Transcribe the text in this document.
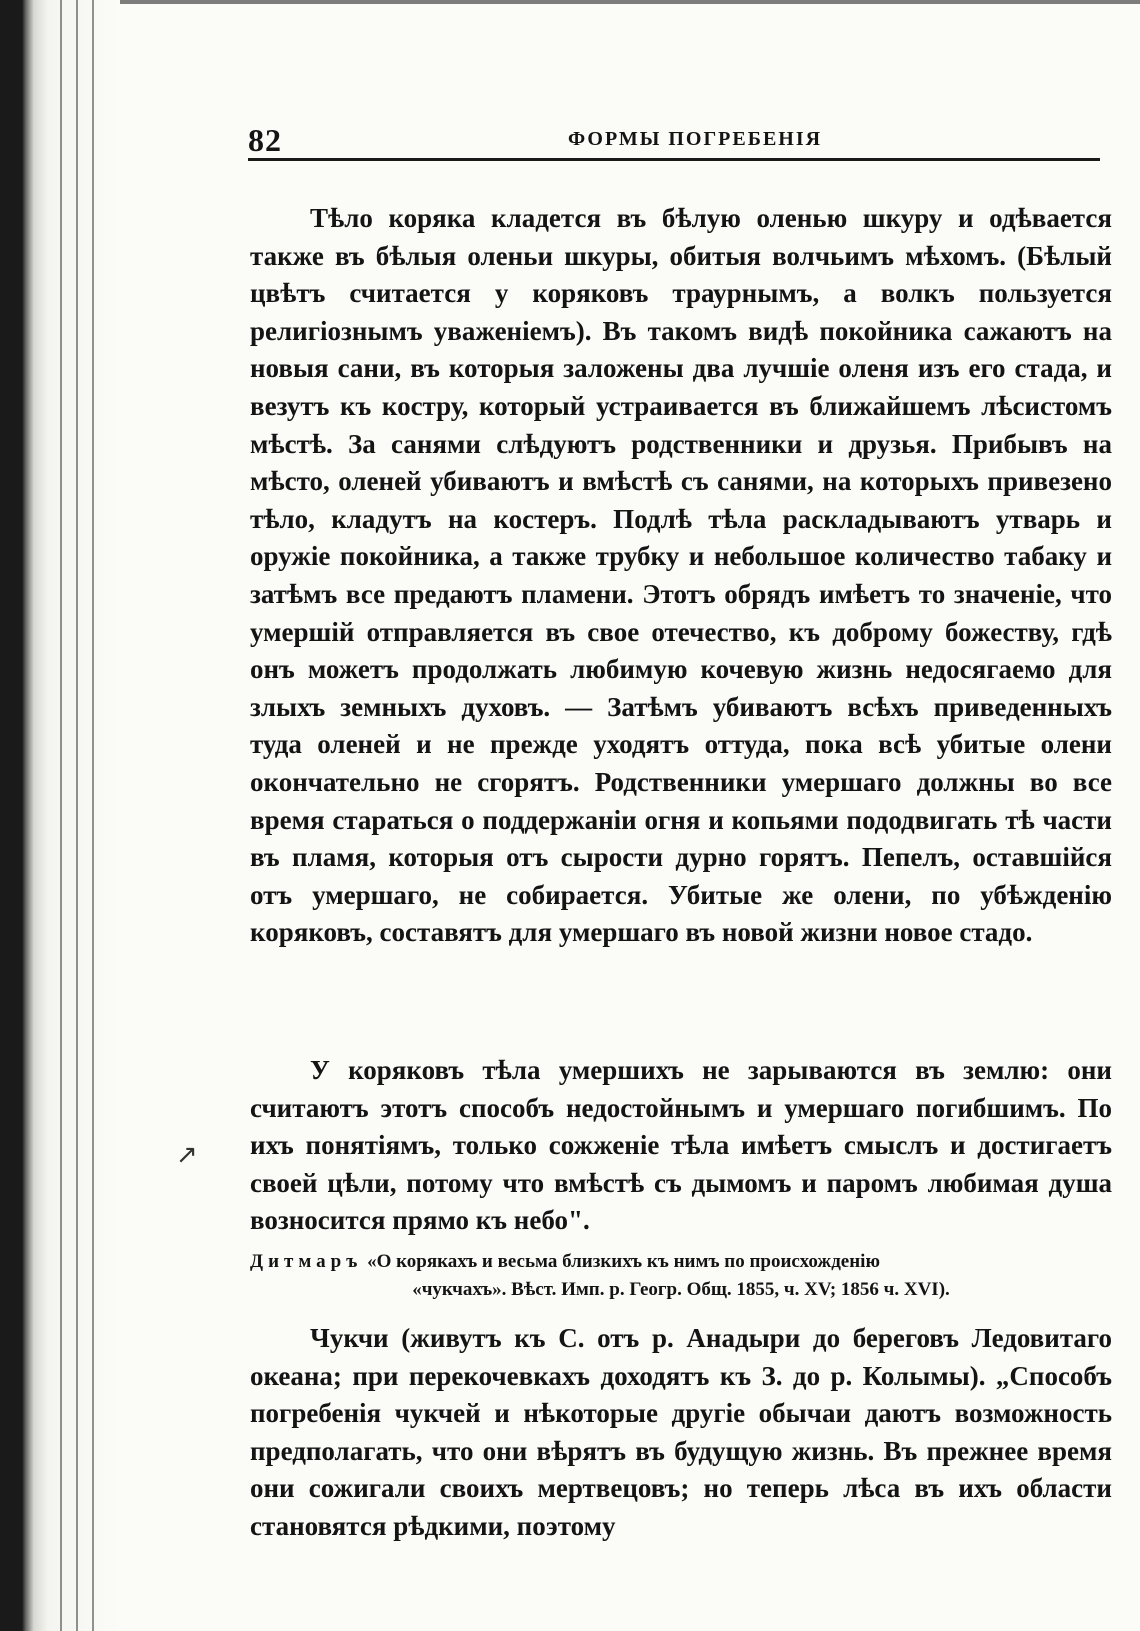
82	ФОРМЫ ПОГРЕБЕНІЯ

Тѣло коряка кладется въ бѣлую оленью шкуру и одѣвается также въ бѣлыя оленьи шкуры, обитыя волчьимъ мѣхомъ. (Бѣлый цвѣтъ считается у коряковъ траурнымъ, а волкъ пользуется религіознымъ уваженіемъ). Въ такомъ видѣ покойника сажаютъ на новыя сани, въ которыя заложены два лучшіе оленя изъ его стада, и везутъ къ костру, который устраивается въ ближайшемъ лѣсистомъ мѣстѣ. За санями слѣдуютъ родственники и друзья. Прибывъ на мѣсто, оленей убиваютъ и вмѣстѣ съ санями, на которыхъ привезено тѣло, кладутъ на костеръ. Подлѣ тѣла раскладываютъ утварь и оружіе покойника, а также трубку и небольшое количество табаку и затѣмъ все предаютъ пламени. Этотъ обрядъ имѣетъ то значеніе, что умершій отправляется въ свое отечество, къ доброму божеству, гдѣ онъ можетъ продолжать любимую кочевую жизнь недосягаемо для злыхъ земныхъ духовъ. — Затѣмъ убиваютъ всѣхъ приведенныхъ туда оленей и не прежде уходятъ оттуда, пока всѣ убитые олени окончательно не сгорятъ. Родственники умершаго должны во все время стараться о поддержаніи огня и копьями пододвигать тѣ части въ пламя, которыя отъ сырости дурно горятъ. Пепелъ, оставшійся отъ умершаго, не собирается. Убитые же олени, по убѣжденію коряковъ, составятъ для умершаго въ новой жизни новое стадо.

У коряковъ тѣла умершихъ не зарываются въ землю: они считаютъ этотъ способъ недостойнымъ и умершаго погибшимъ. По ихъ понятіямъ, только сожженіе тѣла имѣетъ смыслъ и достигаетъ своей цѣли, потому что вмѣстѣ съ дымомъ и паромъ любимая душа возносится прямо къ небо".

↗

Дитмаръ «О корякахъ и весьма близкихъ къ нимъ по происхожденію
«чукчахъ». Вѣст. Имп. р. Геогр. Общ. 1855, ч. XV; 1856 ч. XVI).

Чукчи (живутъ къ С. отъ р. Анадыри до береговъ Ледовитаго океана; при перекочевкахъ доходятъ къ З. до р. Колымы). „Способъ погребенія чукчей и нѣкоторые другіе обычаи даютъ возможность предполагать, что они вѣрятъ въ будущую жизнь. Въ прежнее время они сожигали своихъ мертвецовъ; но теперь лѣса въ ихъ области становятся рѣдкими, поэтому
